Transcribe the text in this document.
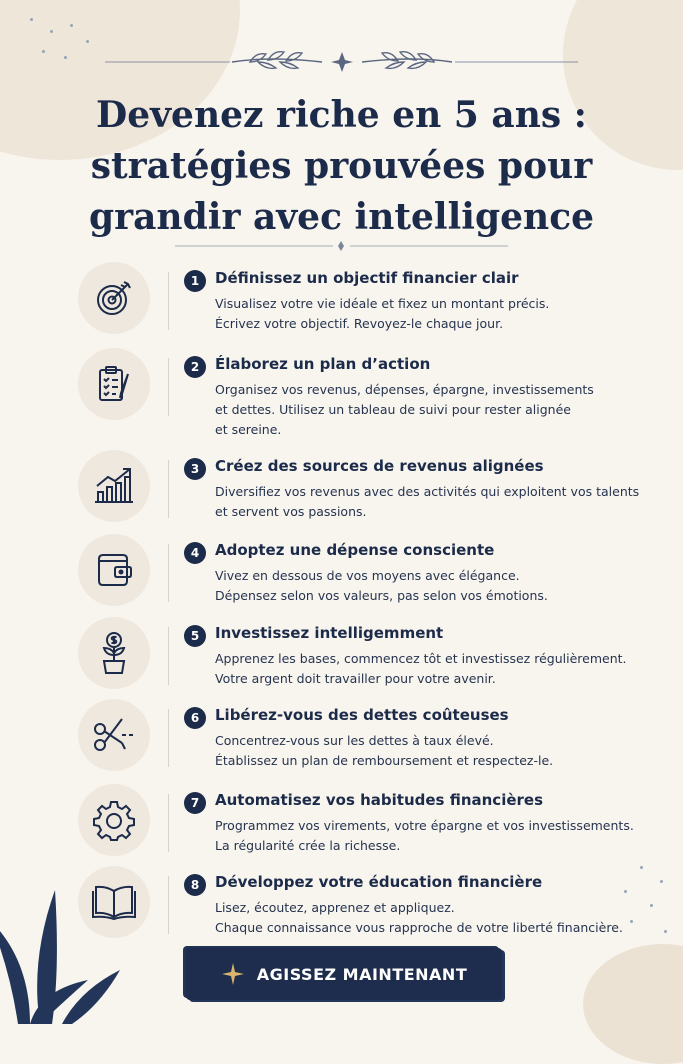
Devenez riche en 5 ans :
stratégies prouvées pour
grandir avec intelligence
1	Définissez un objectif financier clair
Visualisez votre vie idéale et fixez un montant précis.
Écrivez votre objectif. Revoyez-le chaque jour.
2	Élaborez un plan d’action
Organisez vos revenus, dépenses, épargne, investissements
et dettes. Utilisez un tableau de suivi pour rester alignée
et sereine.
3	Créez des sources de revenus alignées
Diversifiez vos revenus avec des activités qui exploitent vos talents
et servent vos passions.
4	Adoptez une dépense consciente
Vivez en dessous de vos moyens avec élégance.
Dépensez selon vos valeurs, pas selon vos émotions.
5	Investissez intelligemment
Apprenez les bases, commencez tôt et investissez régulièrement.
Votre argent doit travailler pour votre avenir.
6	Libérez-vous des dettes coûteuses
Concentrez-vous sur les dettes à taux élevé.
Établissez un plan de remboursement et respectez-le.
7	Automatisez vos habitudes financières
Programmez vos virements, votre épargne et vos investissements.
La régularité crée la richesse.
8	Développez votre éducation financière
Lisez, écoutez, apprenez et appliquez.
Chaque connaissance vous rapproche de votre liberté financière.
AGISSEZ MAINTENANT
